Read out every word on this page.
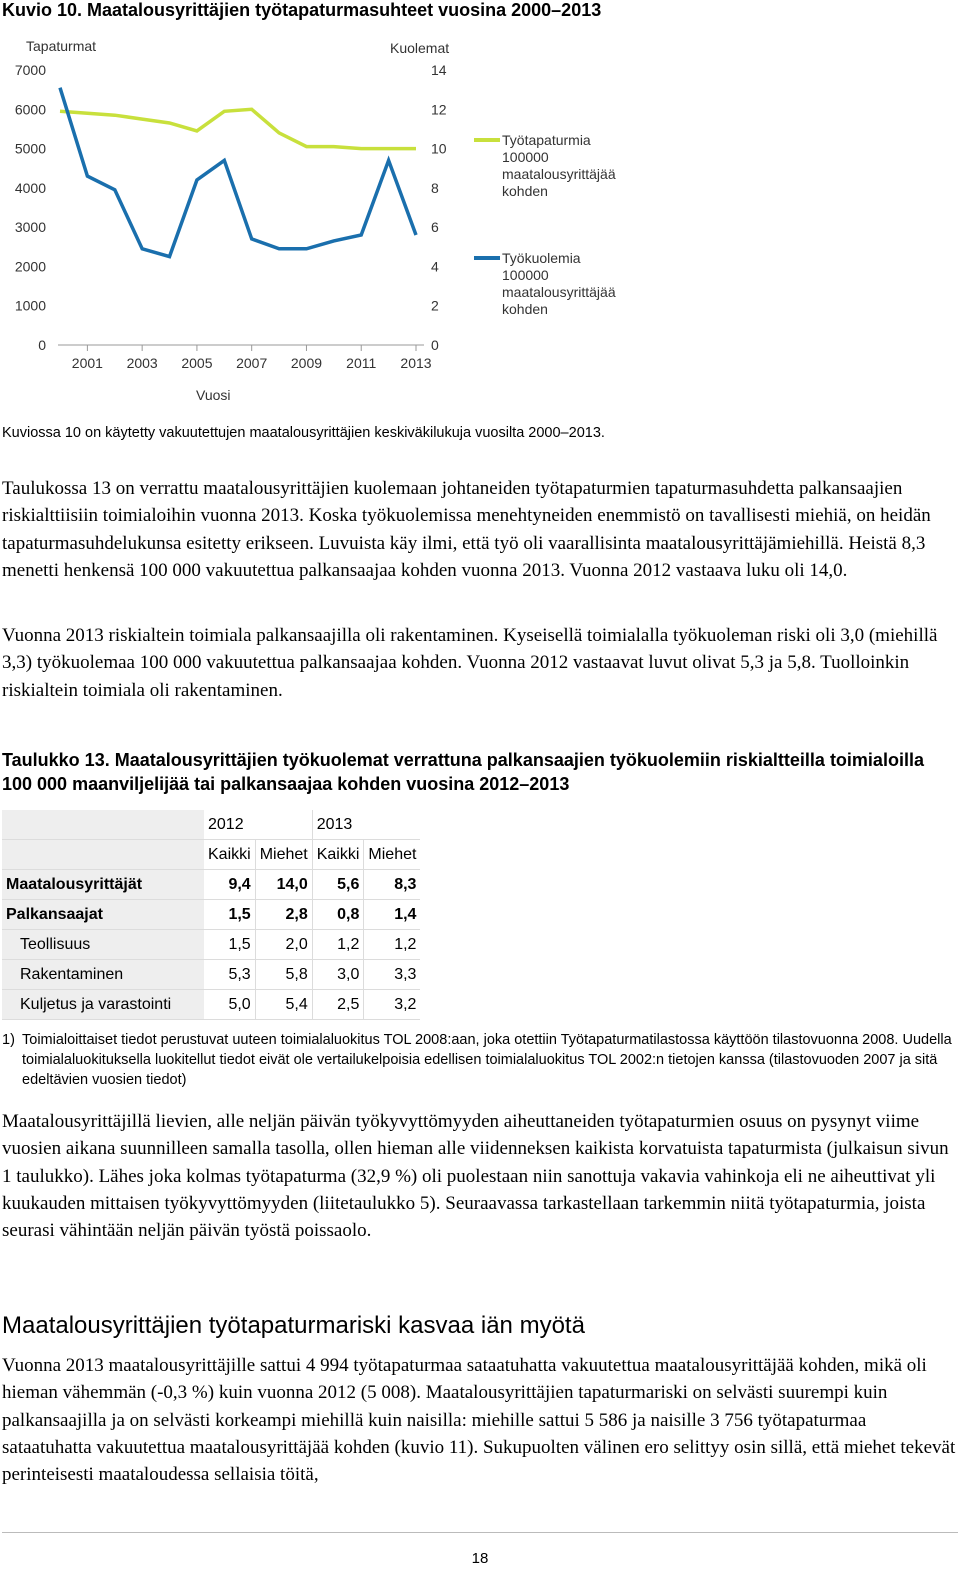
Kuvio 10. Maatalousyrittäjien työtapaturmasuhteet vuosina 2000–2013
Tapaturmat	Kuolemat
0
1000
2000
3000
4000
5000
6000
7000
0
2
4
6
8
10
12
14
2001 2003 2005 2007 2009 2011 2013
Vuosi
Työtapaturmia
100000
maatalousyrittäjää
kohden
Työkuolemia
100000
maatalousyrittäjää
kohden
Kuviossa 10 on käytetty vakuutettujen maatalousyrittäjien keskiväkilukuja vuosilta 2000–2013.

Taulukossa 13 on verrattu maatalousyrittäjien kuolemaan johtaneiden työtapaturmien tapaturmasuhdetta palkansaajien riskialttiisiin toimialoihin vuonna 2013. Koska työkuolemissa menehtyneiden enemmistö on tavallisesti miehiä, on heidän tapaturmasuhdelukunsa esitetty erikseen. Luvuista käy ilmi, että työ oli vaarallisinta maatalousyrittäjämiehillä. Heistä 8,3 menetti henkensä 100 000 vakuutettua palkansaajaa kohden vuonna 2013. Vuonna 2012 vastaava luku oli 14,0.

Vuonna 2013 riskialtein toimiala palkansaajilla oli rakentaminen. Kyseisellä toimialalla työkuoleman riski oli 3,0 (miehillä 3,3) työkuolemaa 100 000 vakuutettua palkansaajaa kohden. Vuonna 2012 vastaavat luvut olivat 5,3 ja 5,8. Tuolloinkin riskialtein toimiala oli rakentaminen.

Taulukko 13. Maatalousyrittäjien työkuolemat verrattuna palkansaajien työkuolemiin riskialtteilla toimialoilla 100 000 maanviljelijää tai palkansaajaa kohden vuosina 2012–2013
	2012		2013	
	Kaikki	Miehet	Kaikki	Miehet
Maatalousyrittäjät	9,4	14,0	5,6	8,3
Palkansaajat	1,5	2,8	0,8	1,4
Teollisuus	1,5	2,0	1,2	1,2
Rakentaminen	5,3	5,8	3,0	3,3
Kuljetus ja varastointi	5,0	5,4	2,5	3,2
1) Toimialoittaiset tiedot perustuvat uuteen toimialaluokitus TOL 2008:aan, joka otettiin Työtapaturmatilastossa käyttöön tilastovuonna 2008. Uudella toimialaluokituksella luokitellut tiedot eivät ole vertailukelpoisia edellisen toimialaluokitus TOL 2002:n tietojen kanssa (tilastovuoden 2007 ja sitä edeltävien vuosien tiedot)

Maatalousyrittäjillä lievien, alle neljän päivän työkyvyttömyyden aiheuttaneiden työtapaturmien osuus on pysynyt viime vuosien aikana suunnilleen samalla tasolla, ollen hieman alle viidenneksen kaikista korvatuista tapaturmista (julkaisun sivun 1 taulukko). Lähes joka kolmas työtapaturma (32,9 %) oli puolestaan niin sanottuja vakavia vahinkoja eli ne aiheuttivat yli kuukauden mittaisen työkyvyttömyyden (liitetaulukko 5). Seuraavassa tarkastellaan tarkemmin niitä työtapaturmia, joista seurasi vähintään neljän päivän työstä poissaolo.

Maatalousyrittäjien työtapaturmariski kasvaa iän myötä

Vuonna 2013 maatalousyrittäjille sattui 4 994 työtapaturmaa sataatuhatta vakuutettua maatalousyrittäjää kohden, mikä oli hieman vähemmän (-0,3 %) kuin vuonna 2012 (5 008). Maatalousyrittäjien tapaturmariski on selvästi suurempi kuin palkansaajilla ja on selvästi korkeampi miehillä kuin naisilla: miehille sattui 5 586 ja naisille 3 756 työtapaturmaa sataatuhatta vakuutettua maatalousyrittäjää kohden (kuvio 11). Sukupuolten välinen ero selittyy osin sillä, että miehet tekevät perinteisesti maataloudessa sellaisia töitä,

18
